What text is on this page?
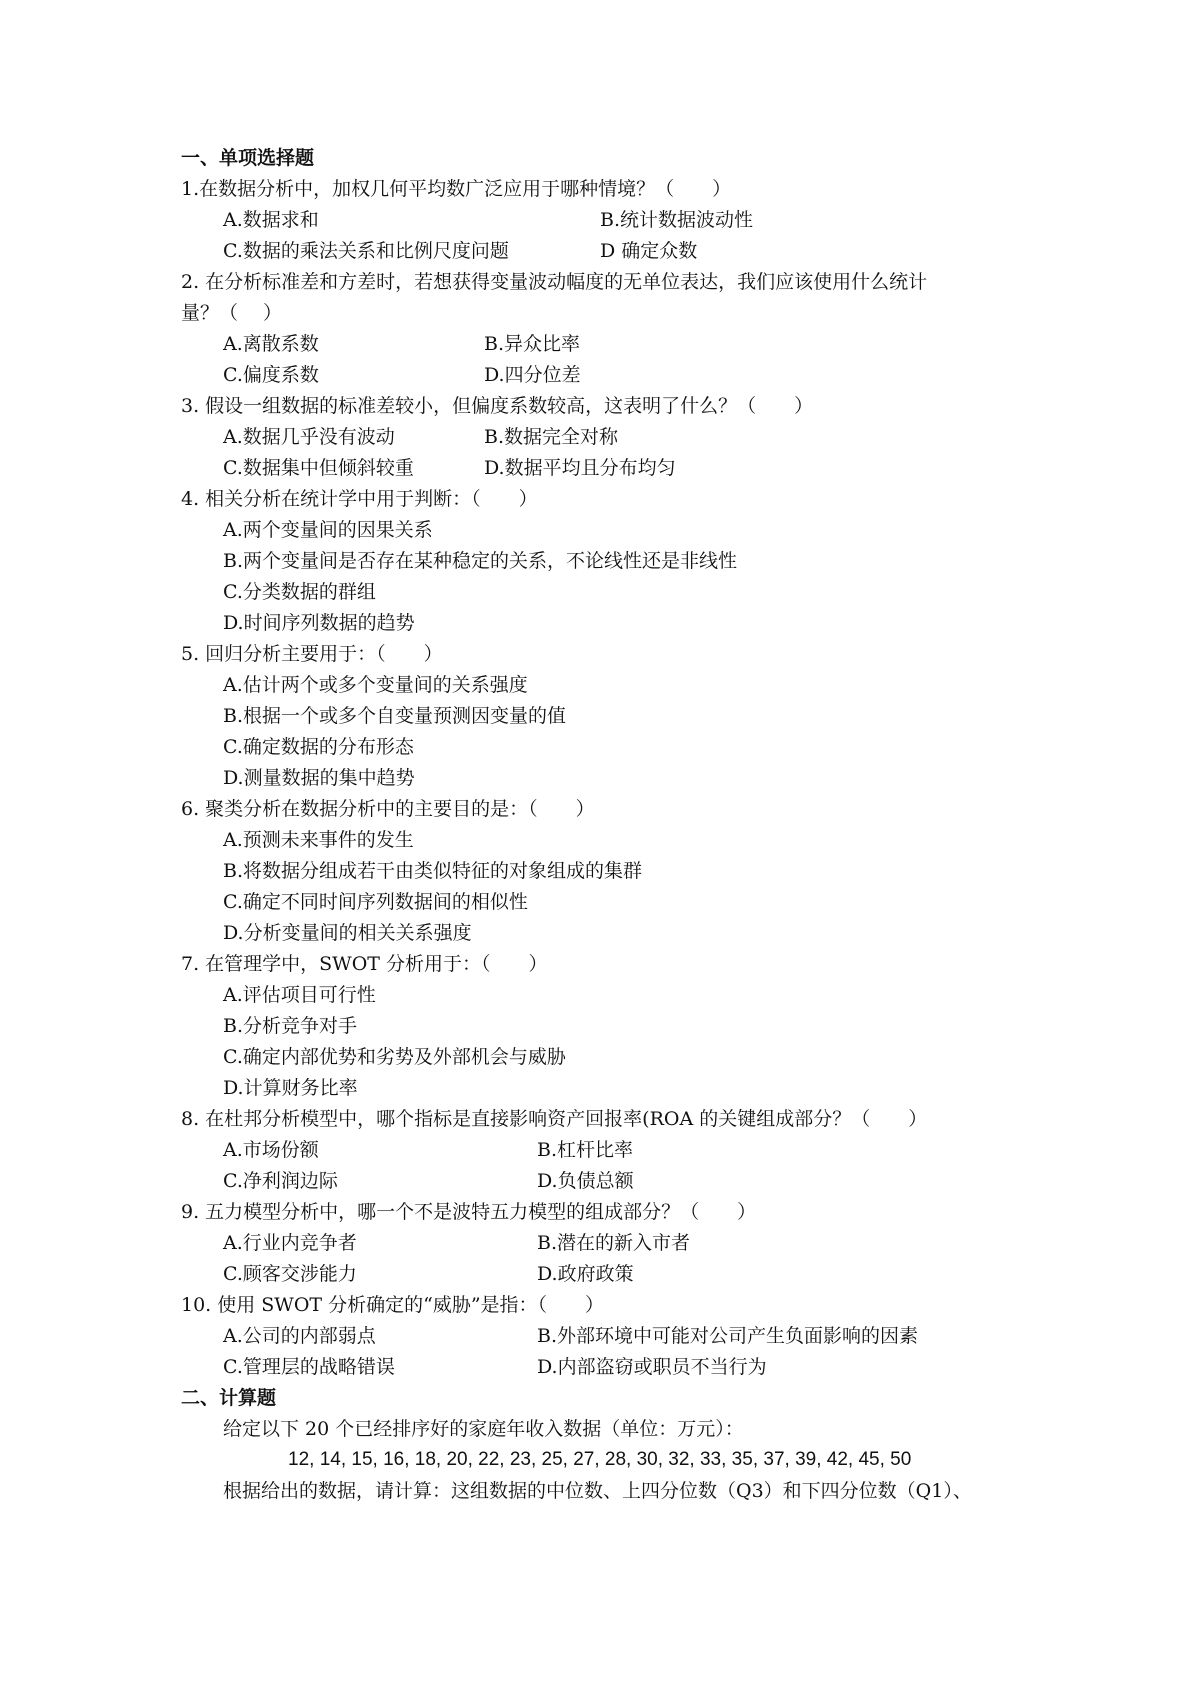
一、单项选择题
1.在数据分析中，加权几何平均数广泛应用于哪种情境？（　　）
A.数据求和	B.统计数据波动性
C.数据的乘法关系和比例尺度问题	D 确定众数
2. 在分析标准差和方差时，若想获得变量波动幅度的无单位表达，我们应该使用什么统计
量？（　 ）
A.离散系数	B.异众比率
C.偏度系数	D.四分位差
3. 假设一组数据的标准差较小，但偏度系数较高，这表明了什么？（　　）
A.数据几乎没有波动	B.数据完全对称
C.数据集中但倾斜较重	D.数据平均且分布均匀
4. 相关分析在统计学中用于判断：（　　）
A.两个变量间的因果关系
B.两个变量间是否存在某种稳定的关系，不论线性还是非线性
C.分类数据的群组
D.时间序列数据的趋势
5. 回归分析主要用于：（　　）
A.估计两个或多个变量间的关系强度
B.根据一个或多个自变量预测因变量的值
C.确定数据的分布形态
D.测量数据的集中趋势
6. 聚类分析在数据分析中的主要目的是：（　　）
A.预测未来事件的发生
B.将数据分组成若干由类似特征的对象组成的集群
C.确定不同时间序列数据间的相似性
D.分析变量间的相关关系强度
7. 在管理学中，SWOT 分析用于：（　　）
A.评估项目可行性
B.分析竞争对手
C.确定内部优势和劣势及外部机会与威胁
D.计算财务比率
8. 在杜邦分析模型中，哪个指标是直接影响资产回报率(ROA 的关键组成部分？（　　）
A.市场份额	B.杠杆比率
C.净利润边际	D.负债总额
9. 五力模型分析中，哪一个不是波特五力模型的组成部分？（　　）
A.行业内竞争者	B.潜在的新入市者
C.顾客交涉能力	D.政府政策
10. 使用 SWOT 分析确定的“威胁”是指：（　　）
A.公司的内部弱点	B.外部环境中可能对公司产生负面影响的因素
C.管理层的战略错误	D.内部盗窃或职员不当行为
二、计算题
给定以下 20 个已经排序好的家庭年收入数据（单位：万元）：
12, 14, 15, 16, 18, 20, 22, 23, 25, 27, 28, 30, 32, 33, 35, 37, 39, 42, 45, 50
根据给出的数据，请计算：这组数据的中位数、上四分位数（Q3）和下四分位数（Q1）、
